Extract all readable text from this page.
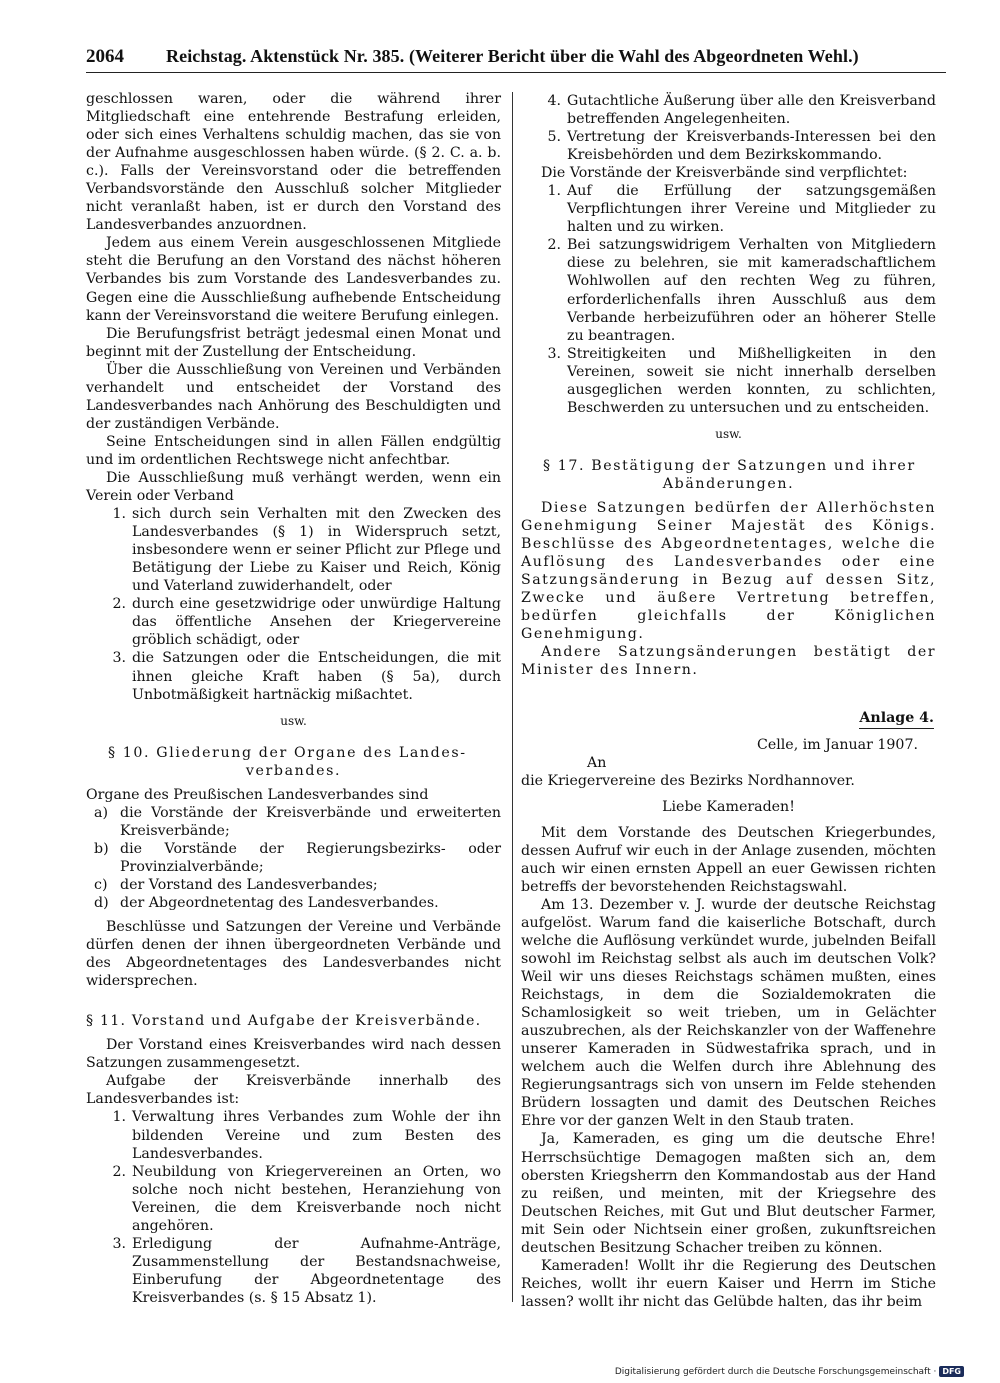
2064 Reichstag. Aktenstück Nr. 385. (Weiterer Bericht über die Wahl des Abgeordneten Wehl.)

geschlossen waren, oder die während ihrer Mitgliedschaft eine entehrende Bestrafung erleiden, oder sich eines Verhaltens schuldig machen, das sie von der Aufnahme ausgeschlossen haben würde. (§ 2. C. a. b. c.). Falls der Vereinsvorstand oder die betreffenden Verbandsvorstände den Ausschluß solcher Mitglieder nicht veranlaßt haben, ist er durch den Vorstand des Landesverbandes anzuordnen.

Jedem aus einem Verein ausgeschlossenen Mitgliede steht die Berufung an den Vorstand des nächst höheren Verbandes bis zum Vorstande des Landesverbandes zu. Gegen eine die Ausschließung aufhebende Entscheidung kann der Vereinsvorstand die weitere Berufung einlegen.

Die Berufungsfrist beträgt jedesmal einen Monat und beginnt mit der Zustellung der Entscheidung.

Über die Ausschließung von Vereinen und Verbänden verhandelt und entscheidet der Vorstand des Landesverbandes nach Anhörung des Beschuldigten und der zuständigen Verbände.

Seine Entscheidungen sind in allen Fällen endgültig und im ordentlichen Rechtswege nicht anfechtbar.

Die Ausschließung muß verhängt werden, wenn ein Verein oder Verband

1. sich durch sein Verhalten mit den Zwecken des Landesverbandes (§ 1) in Widerspruch setzt, insbesondere wenn er seiner Pflicht zur Pflege und Betätigung der Liebe zu Kaiser und Reich, König und Vaterland zuwiderhandelt, oder
2. durch eine gesetzwidrige oder unwürdige Haltung das öffentliche Ansehen der Kriegervereine gröblich schädigt, oder
3. die Satzungen oder die Entscheidungen, die mit ihnen gleiche Kraft haben (§ 5a), durch Unbotmäßigkeit hartnäckig mißachtet.
usw.
§ 10. Gliederung der Organe des Landes-
verbandes.

Organe des Preußischen Landesverbandes sind

a) die Vorstände der Kreisverbände und erweiterten Kreisverbände;
b) die Vorstände der Regierungsbezirks- oder Provinzialverbände;
c) der Vorstand des Landesverbandes;
d) der Abgeordnetentag des Landesverbandes.

Beschlüsse und Satzungen der Vereine und Verbände dürfen denen der ihnen übergeordneten Verbände und des Abgeordnetentages des Landesverbandes nicht widersprechen.

§ 11. Vorstand und Aufgabe der Kreisverbände.

Der Vorstand eines Kreisverbandes wird nach dessen Satzungen zusammengesetzt.

Aufgabe der Kreisverbände innerhalb des Landesverbandes ist:

1. Verwaltung ihres Verbandes zum Wohle der ihn bildenden Vereine und zum Besten des Landesverbandes.
2. Neubildung von Kriegervereinen an Orten, wo solche noch nicht bestehen, Heranziehung von Vereinen, die dem Kreisverbande noch nicht angehören.
3. Erledigung der Aufnahme-Anträge, Zusammenstellung der Bestandsnachweise, Einberufung der Abgeordnetentage des Kreisverbandes (s. § 15 Absatz 1).
4. Gutachtliche Äußerung über alle den Kreisverband betreffenden Angelegenheiten.
5. Vertretung der Kreisverbands-Interessen bei den Kreisbehörden und dem Bezirkskommando.

Die Vorstände der Kreisverbände sind verpflichtet:

1. Auf die Erfüllung der satzungsgemäßen Verpflichtungen ihrer Vereine und Mitglieder zu halten und zu wirken.
2. Bei satzungswidrigem Verhalten von Mitgliedern diese zu belehren, sie mit kameradschaftlichem Wohlwollen auf den rechten Weg zu führen, erforderlichenfalls ihren Ausschluß aus dem Verbande herbeizuführen oder an höherer Stelle zu beantragen.
3. Streitigkeiten und Mißhelligkeiten in den Vereinen, soweit sie nicht innerhalb derselben ausgeglichen werden konnten, zu schlichten, Beschwerden zu untersuchen und zu entscheiden.
usw.
§ 17. Bestätigung der Satzungen und ihrer
Abänderungen.

Diese Satzungen bedürfen der Allerhöchsten Genehmigung Seiner Majestät des Königs. Beschlüsse des Abgeordnetentages, welche die Auflösung des Landesverbandes oder eine Satzungsänderung in Bezug auf dessen Sitz, Zwecke und äußere Vertretung betreffen, bedürfen gleichfalls der Königlichen Genehmigung.

Andere Satzungsänderungen bestätigt der Minister des Innern.

Anlage 4.
Celle, im Januar 1907.
An
die Kriegervereine des Bezirks Nordhannover.
Liebe Kameraden!

Mit dem Vorstande des Deutschen Kriegerbundes, dessen Aufruf wir euch in der Anlage zusenden, möchten auch wir einen ernsten Appell an euer Gewissen richten betreffs der bevorstehenden Reichstagswahl.

Am 13. Dezember v. J. wurde der deutsche Reichstag aufgelöst. Warum fand die kaiserliche Botschaft, durch welche die Auflösung verkündet wurde, jubelnden Beifall sowohl im Reichstag selbst als auch im deutschen Volk? Weil wir uns dieses Reichstags schämen mußten, eines Reichstags, in dem die Sozialdemokraten die Schamlosigkeit so weit trieben, um in Gelächter auszubrechen, als der Reichskanzler von der Waffenehre unserer Kameraden in Südwestafrika sprach, und in welchem auch die Welfen durch ihre Ablehnung des Regierungsantrags sich von unsern im Felde stehenden Brüdern lossagten und damit des Deutschen Reiches Ehre vor der ganzen Welt in den Staub traten.

Ja, Kameraden, es ging um die deutsche Ehre! Herrschsüchtige Demagogen maßten sich an, dem obersten Kriegsherrn den Kommandostab aus der Hand zu reißen, und meinten, mit der Kriegsehre des Deutschen Reiches, mit Gut und Blut deutscher Farmer, mit Sein oder Nichtsein einer großen, zukunftsreichen deutschen Besitzung Schacher treiben zu können.

Kameraden! Wollt ihr die Regierung des Deutschen Reiches, wollt ihr euern Kaiser und Herrn im Stiche lassen? wollt ihr nicht das Gelübde halten, das ihr beim

Digitalisierung gefördert durch die Deutsche Forschungsgemeinschaft · DFG
